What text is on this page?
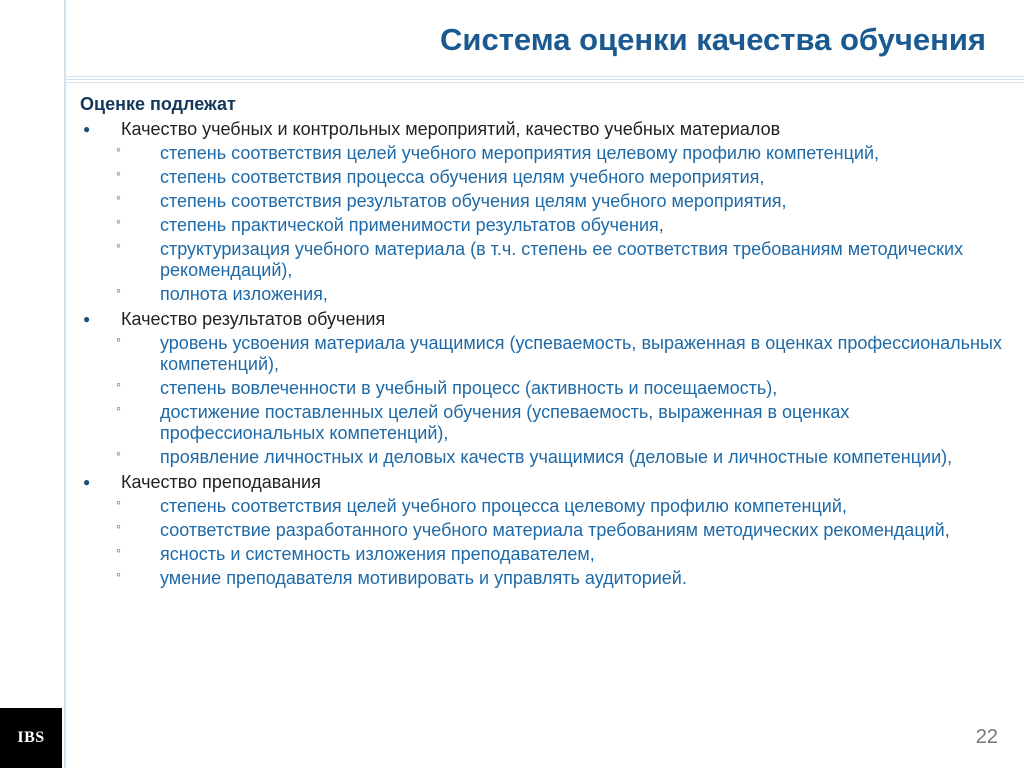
Система оценки качества обучения
Оценке подлежат
● Качество учебных и контрольных мероприятий, качество учебных материалов
◦ степень соответствия целей учебного мероприятия целевому профилю компетенций,
◦ степень соответствия процесса обучения целям учебного мероприятия,
◦ степень соответствия результатов обучения целям учебного мероприятия,
◦ степень практической применимости результатов обучения,
◦ структуризация учебного материала (в т.ч. степень ее соответствия требованиям методических рекомендаций),
◦ полнота изложения,
● Качество результатов обучения
◦ уровень усвоения материала учащимися (успеваемость, выраженная в оценках профессиональных компетенций),
◦ степень вовлеченности в учебный процесс (активность и посещаемость),
◦ достижение поставленных целей обучения (успеваемость, выраженная в оценках профессиональных компетенций),
◦ проявление личностных и деловых качеств учащимися (деловые и личностные компетенции),
● Качество преподавания
◦ степень соответствия целей учебного процесса целевому профилю компетенций,
◦ соответствие разработанного учебного материала требованиям методических рекомендаций,
◦ ясность и системность изложения преподавателем,
◦ умение преподавателя мотивировать и управлять аудиторией.
IBS	22
